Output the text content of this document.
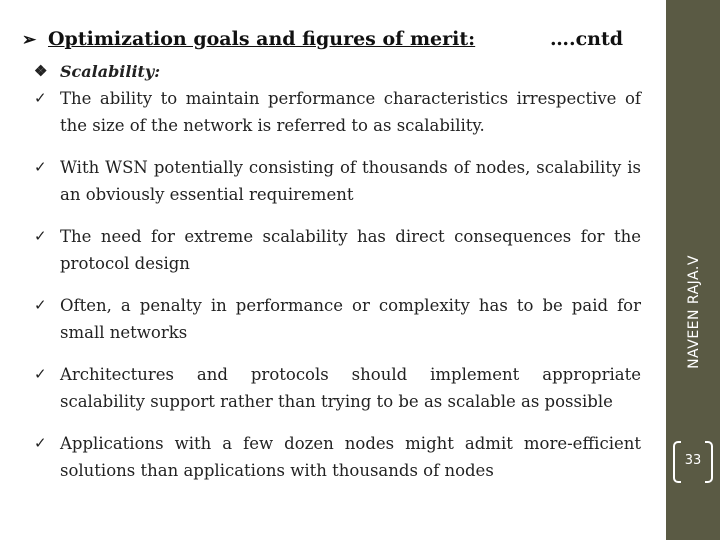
➢ Optimization goals and figures of merit:	….cntd
❖ Scalability:
✓ The ability to maintain performance characteristics irrespective of the size of the network is referred to as scalability.
✓ With WSN potentially consisting of thousands of nodes, scalability is an obviously essential requirement
✓ The need for extreme scalability has direct consequences for the protocol design
✓ Often, a penalty in performance or complexity has to be paid for small networks
✓ Architectures and protocols should implement appropriate scalability support rather than trying to be as scalable as possible
✓ Applications with a few dozen nodes might admit more-efficient solutions than applications with thousands of nodes
NAVEEN RAJA.V
33
